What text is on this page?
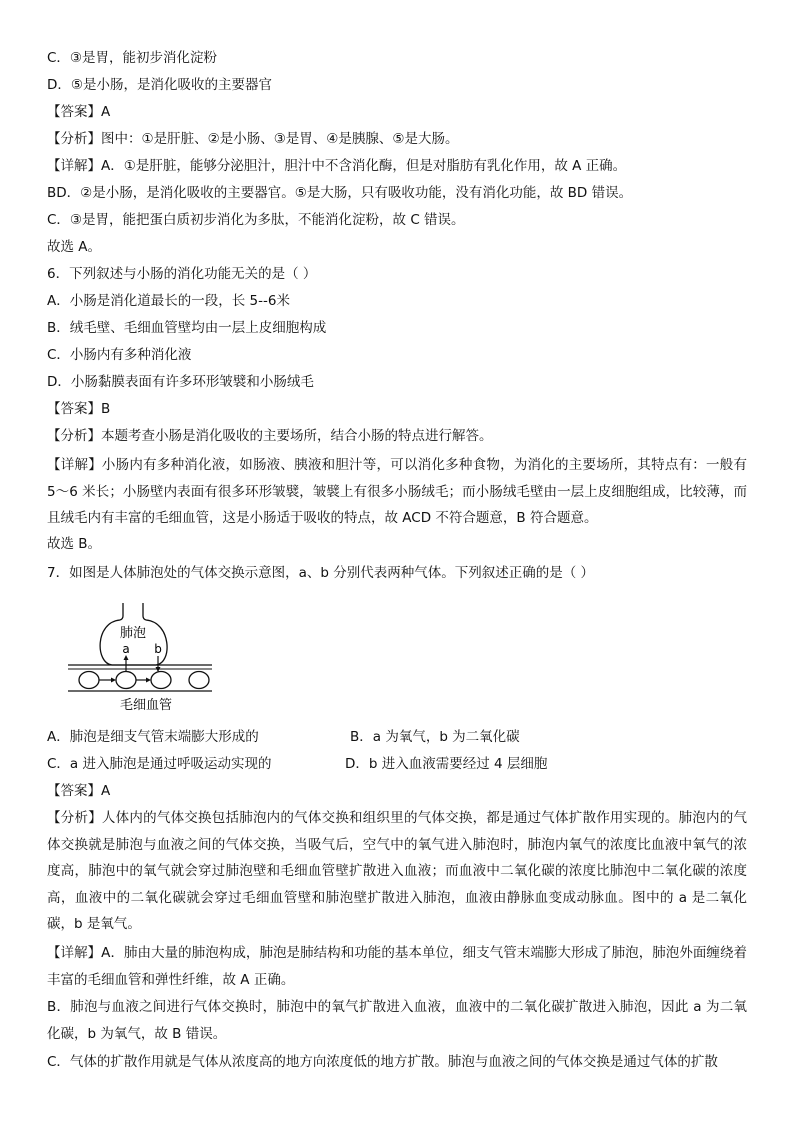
C．③是胃，能初步消化淀粉
D．⑤是小肠，是消化吸收的主要器官
【答案】A
【分析】图中：①是肝脏、②是小肠、③是胃、④是胰腺、⑤是大肠。
【详解】A．①是肝脏，能够分泌胆汁，胆汁中不含消化酶，但是对脂肪有乳化作用，故 A 正确。
BD．②是小肠，是消化吸收的主要器官。⑤是大肠，只有吸收功能，没有消化功能，故 BD 错误。
C．③是胃，能把蛋白质初步消化为多肽，不能消化淀粉，故 C 错误。
故选 A。
6．下列叙述与小肠的消化功能无关的是（ ）
A．小肠是消化道最长的一段，长 5--6米
B．绒毛壁、毛细血管壁均由一层上皮细胞构成
C．小肠内有多种消化液
D．小肠黏膜表面有许多环形皱襞和小肠绒毛
【答案】B
【分析】本题考查小肠是消化吸收的主要场所，结合小肠的特点进行解答。
【详解】小肠内有多种消化液，如肠液、胰液和胆汁等，可以消化多种食物，为消化的主要场所，其特点有：一般有 5～6 米长；小肠壁内表面有很多环形皱襞，皱襞上有很多小肠绒毛；而小肠绒毛壁由一层上皮细胞组成，比较薄，而且绒毛内有丰富的毛细血管，这是小肠适于吸收的特点，故 ACD 不符合题意，B 符合题意。
故选 B。
7．如图是人体肺泡处的气体交换示意图，a、b 分别代表两种气体。下列叙述正确的是（ ）
肺泡
a b
毛细血管
A．肺泡是细支气管末端膨大形成的	B．a 为氧气，b 为二氧化碳
C．a 进入肺泡是通过呼吸运动实现的	D．b 进入血液需要经过 4 层细胞
【答案】A
【分析】人体内的气体交换包括肺泡内的气体交换和组织里的气体交换，都是通过气体扩散作用实现的。肺泡内的气体交换就是肺泡与血液之间的气体交换，当吸气后，空气中的氧气进入肺泡时，肺泡内氧气的浓度比血液中氧气的浓度高，肺泡中的氧气就会穿过肺泡壁和毛细血管壁扩散进入血液；而血液中二氧化碳的浓度比肺泡中二氧化碳的浓度高，血液中的二氧化碳就会穿过毛细血管壁和肺泡壁扩散进入肺泡，血液由静脉血变成动脉血。图中的 a 是二氧化碳，b 是氧气。
【详解】A．肺由大量的肺泡构成，肺泡是肺结构和功能的基本单位，细支气管末端膨大形成了肺泡，肺泡外面缠绕着丰富的毛细血管和弹性纤维，故 A 正确。
B．肺泡与血液之间进行气体交换时，肺泡中的氧气扩散进入血液，血液中的二氧化碳扩散进入肺泡，因此 a 为二氧化碳，b 为氧气，故 B 错误。
C．气体的扩散作用就是气体从浓度高的地方向浓度低的地方扩散。肺泡与血液之间的气体交换是通过气体的扩散
